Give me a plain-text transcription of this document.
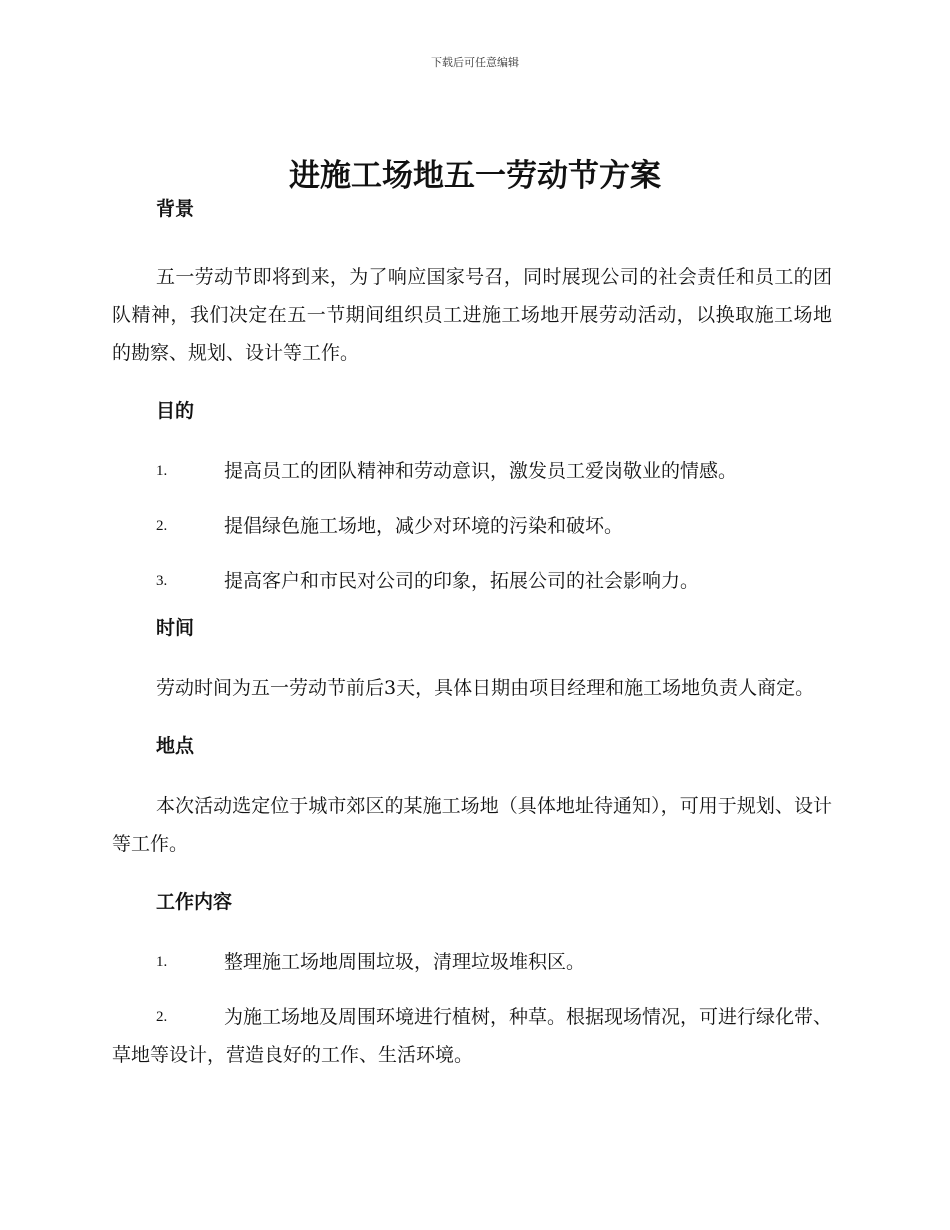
下载后可任意编辑
进施工场地五一劳动节方案
背景
五一劳动节即将到来，为了响应国家号召，同时展现公司的社会责任和员工的团队精神，我们决定在五一节期间组织员工进施工场地开展劳动活动，以换取施工场地的勘察、规划、设计等工作。
目的
1.	提高员工的团队精神和劳动意识，激发员工爱岗敬业的情感。
2.	提倡绿色施工场地，减少对环境的污染和破坏。
3.	提高客户和市民对公司的印象，拓展公司的社会影响力。
时间
劳动时间为五一劳动节前后3天，具体日期由项目经理和施工场地负责人商定。
地点
本次活动选定位于城市郊区的某施工场地（具体地址待通知），可用于规划、设计等工作。
工作内容
1.	整理施工场地周围垃圾，清理垃圾堆积区。
2.	为施工场地及周围环境进行植树，种草。根据现场情况，可进行绿化带、草地等设计，营造良好的工作、生活环境。
